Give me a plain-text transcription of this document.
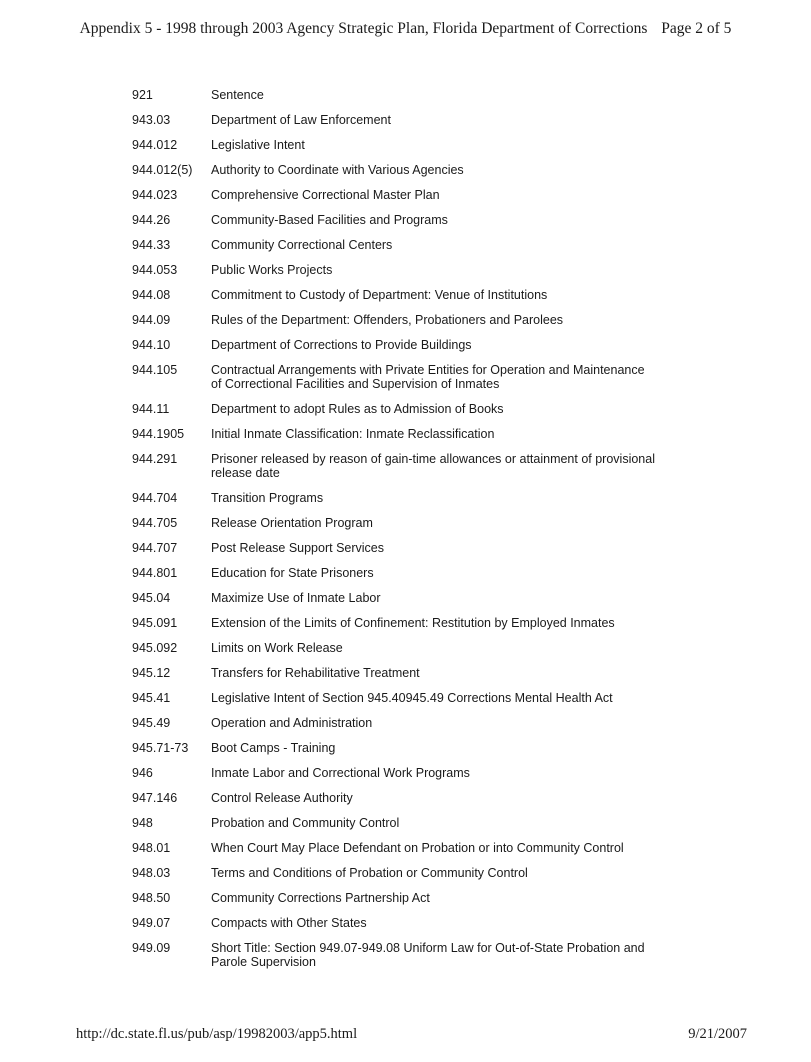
Appendix 5 - 1998 through 2003 Agency Strategic Plan, Florida Department of Corrections Page 2 of 5
921	Sentence
943.03	Department of Law Enforcement
944.012	Legislative Intent
944.012(5)	Authority to Coordinate with Various Agencies
944.023	Comprehensive Correctional Master Plan
944.26	Community-Based Facilities and Programs
944.33	Community Correctional Centers
944.053	Public Works Projects
944.08	Commitment to Custody of Department: Venue of Institutions
944.09	Rules of the Department: Offenders, Probationers and Parolees
944.10	Department of Corrections to Provide Buildings
944.105	Contractual Arrangements with Private Entities for Operation and Maintenance of Correctional Facilities and Supervision of Inmates
944.11	Department to adopt Rules as to Admission of Books
944.1905	Initial Inmate Classification: Inmate Reclassification
944.291	Prisoner released by reason of gain-time allowances or attainment of provisional release date
944.704	Transition Programs
944.705	Release Orientation Program
944.707	Post Release Support Services
944.801	Education for State Prisoners
945.04	Maximize Use of Inmate Labor
945.091	Extension of the Limits of Confinement: Restitution by Employed Inmates
945.092	Limits on Work Release
945.12	Transfers for Rehabilitative Treatment
945.41	Legislative Intent of Section 945.40945.49 Corrections Mental Health Act
945.49	Operation and Administration
945.71-73	Boot Camps - Training
946	Inmate Labor and Correctional Work Programs
947.146	Control Release Authority
948	Probation and Community Control
948.01	When Court May Place Defendant on Probation or into Community Control
948.03	Terms and Conditions of Probation or Community Control
948.50	Community Corrections Partnership Act
949.07	Compacts with Other States
949.09	Short Title: Section 949.07-949.08 Uniform Law for Out-of-State Probation and Parole Supervision
http://dc.state.fl.us/pub/asp/19982003/app5.html	9/21/2007
